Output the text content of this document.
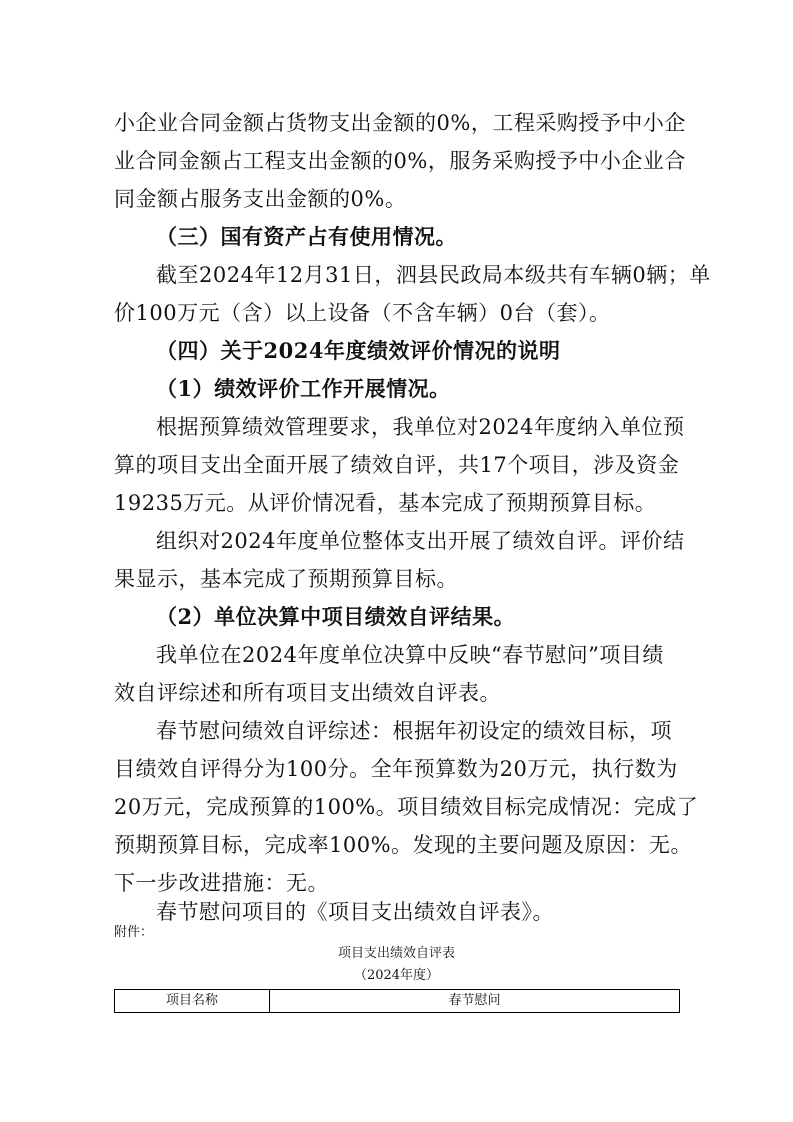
小企业合同金额占货物支出金额的0%，工程采购授予中小企
业合同金额占工程支出金额的0%，服务采购授予中小企业合
同金额占服务支出金额的0%。
（三）国有资产占有使用情况。
截至2024年12月31日，泗县民政局本级共有车辆0辆；单
价100万元（含）以上设备（不含车辆）0台（套）。
（四）关于2024年度绩效评价情况的说明
（1）绩效评价工作开展情况。
根据预算绩效管理要求，我单位对2024年度纳入单位预
算的项目支出全面开展了绩效自评，共17个项目，涉及资金
19235万元。从评价情况看，基本完成了预期预算目标。
组织对2024年度单位整体支出开展了绩效自评。评价结
果显示，基本完成了预期预算目标。
（2）单位决算中项目绩效自评结果。
我单位在2024年度单位决算中反映“春节慰问”项目绩
效自评综述和所有项目支出绩效自评表。
春节慰问绩效自评综述：根据年初设定的绩效目标，项
目绩效自评得分为100分。全年预算数为20万元，执行数为
20万元，完成预算的100%。项目绩效目标完成情况：完成了
预期预算目标，完成率100%。发现的主要问题及原因：无。
下一步改进措施：无。
春节慰问项目的《项目支出绩效自评表》。
附件：
项目支出绩效自评表
（2024年度）
项目名称	春节慰问
